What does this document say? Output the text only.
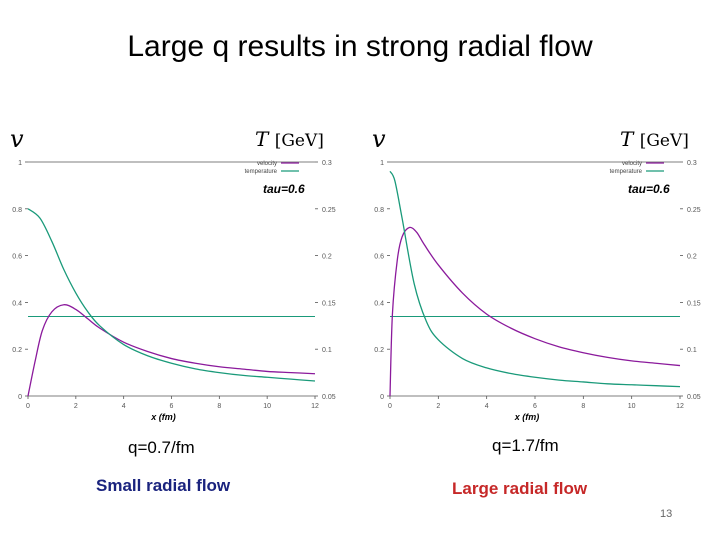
Large q results in strong radial flow
v	T [GeV]
0
0.2
0.4
0.6
0.8
1
0.05
0.1
0.15
0.2
0.25
0.3
0	2	4	6	8	10	12
x (fm)
velocity
temperature
tau=0.6
v	T [GeV]
0
0.2
0.4
0.6
0.8
1
0.05
0.1
0.15
0.2
0.25
0.3
0	2	4	6	8	10	12
x (fm)
velocity
temperature
tau=0.6
q=0.7/fm
Small radial flow
q=1.7/fm
Large radial flow
13
